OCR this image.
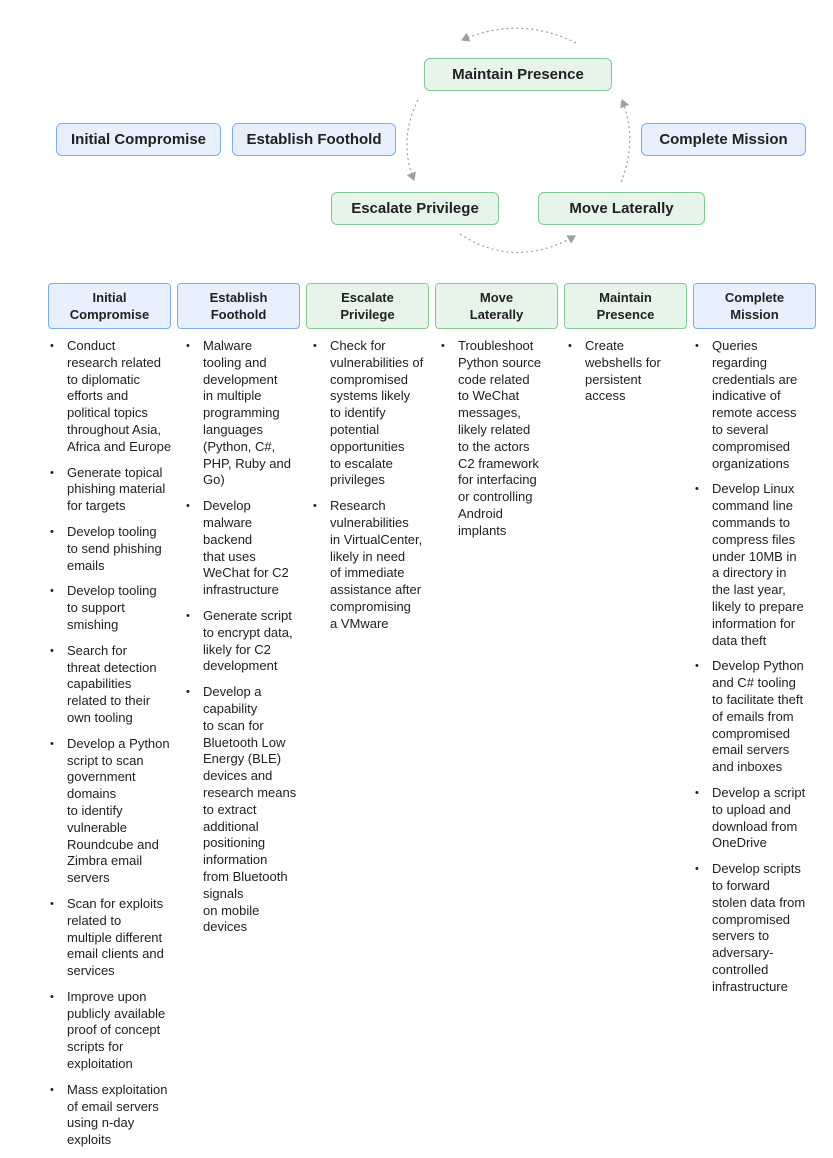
Initial Compromise	Establish Foothold
Maintain Presence
Escalate Privilege	Move Laterally
Complete Mission
Initial
Compromise
Establish
Foothold
Escalate
Privilege
Move
Laterally
Maintain
Presence
Complete
Mission
• Conduct
research related
to diplomatic
efforts and
political topics
throughout Asia,
Africa and Europe
• Generate topical
phishing material
for targets
• Develop tooling
to send phishing
emails
• Develop tooling
to support
smishing
• Search for
threat detection
capabilities
related to their
own tooling
• Develop a Python
script to scan
government
domains
to identify
vulnerable
Roundcube and
Zimbra email
servers
• Scan for exploits
related to
multiple different
email clients and
services
• Improve upon
publicly available
proof of concept
scripts for
exploitation
• Mass exploitation
of email servers
using n-day
exploits
• Malware
tooling and
development
in multiple
programming
languages
(Python, C#,
PHP, Ruby and
Go)
• Develop
malware
backend
that uses
WeChat for C2
infrastructure
• Generate script
to encrypt data,
likely for C2
development
• Develop a
capability
to scan for
Bluetooth Low
Energy (BLE)
devices and
research means
to extract
additional
positioning
information
from Bluetooth
signals
on mobile
devices
• Check for
vulnerabilities of
compromised
systems likely
to identify
potential
opportunities
to escalate
privileges
• Research
vulnerabilities
in VirtualCenter,
likely in need
of immediate
assistance after
compromising
a VMware
• Troubleshoot
Python source
code related
to WeChat
messages,
likely related
to the actors
C2 framework
for interfacing
or controlling
Android
implants
• Create
webshells for
persistent
access
• Queries
regarding
credentials are
indicative of
remote access
to several
compromised
organizations
• Develop Linux
command line
commands to
compress files
under 10MB in
a directory in
the last year,
likely to prepare
information for
data theft
• Develop Python
and C# tooling
to facilitate theft
of emails from
compromised
email servers
and inboxes
• Develop a script
to upload and
download from
OneDrive
• Develop scripts
to forward
stolen data from
compromised
servers to
adversary-
controlled
infrastructure
